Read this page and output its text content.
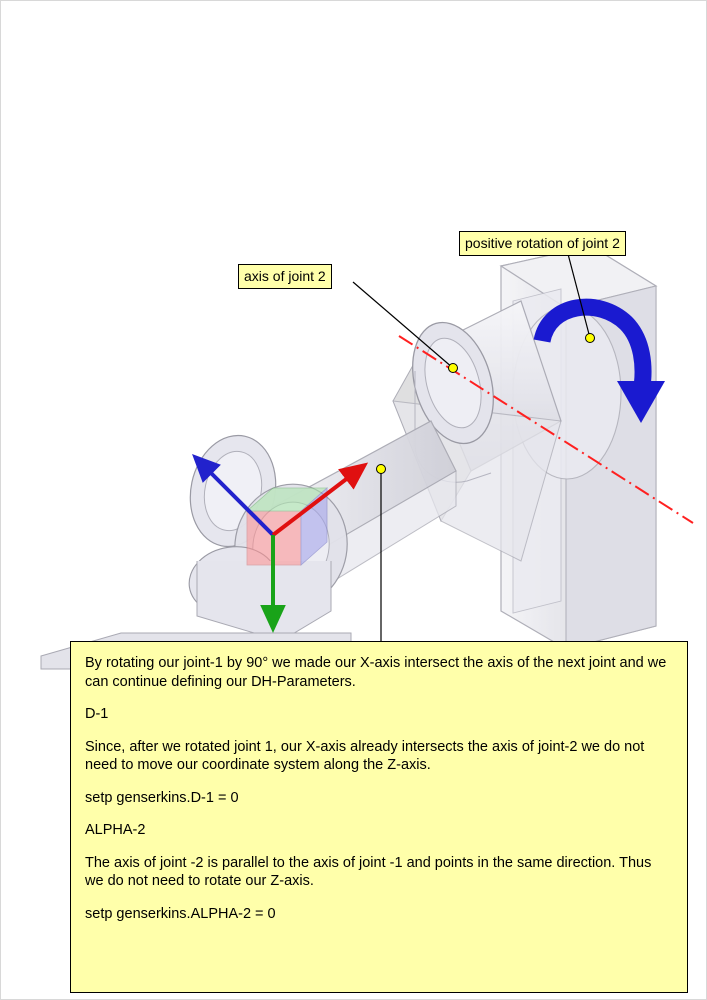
axis of joint 2
positive rotation of joint 2

By rotating our joint-1 by 90° we made our X-axis intersect the axis of the next joint and we can continue defining our DH-Parameters.

D-1

Since, after we rotated joint 1, our X-axis already intersects the axis of joint-2 we do not need to move our coordinate system along the Z-axis.

setp genserkins.D-1 = 0

ALPHA-2

The axis of joint -2 is parallel to the axis of joint -1 and points in the same direction. Thus we do not need to rotate our Z-axis.

setp genserkins.ALPHA-2 = 0
